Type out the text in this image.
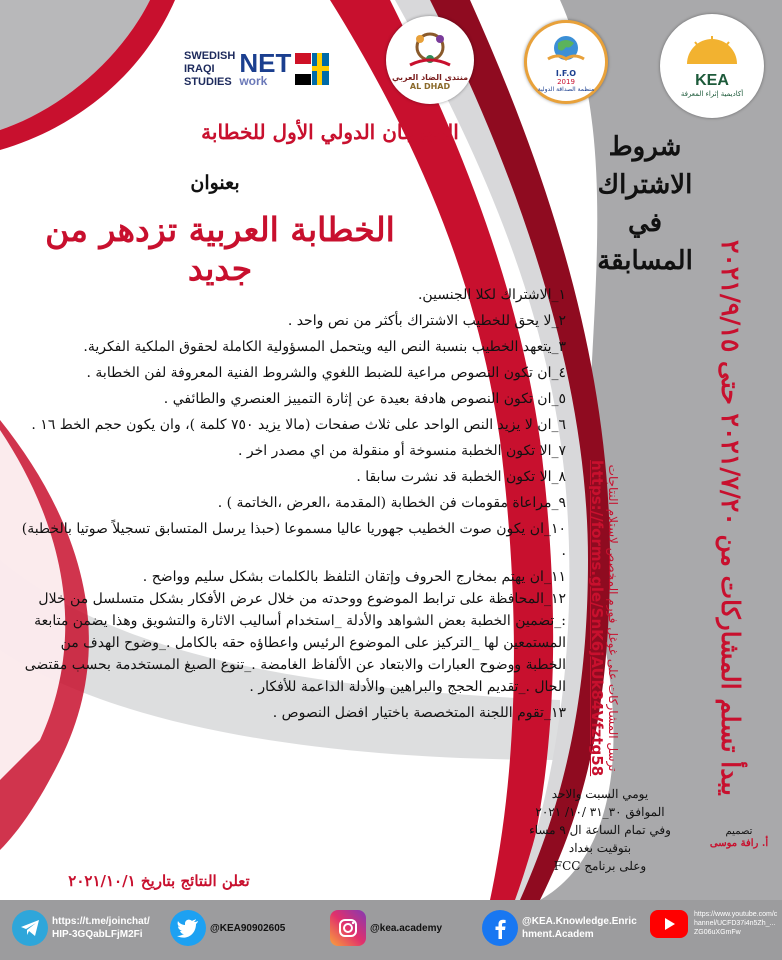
SWEDISH
IRAQI
STUDIES
NET
work	منتدى الضاد العربي
AL DHAD
I.F.O
2019
منظمة الصداقة الدولية
KEA
أكاديمية إثراء المعرفة
المهرجان الدولي الأول للخطابة
بعنوان
الخطابة العربية تزدهر من جديد

١_الاشتراك لكلا الجنسين.

٢_لا يحق للخطيب الاشتراك بأكثر من نص واحد .

٣_يتعهد الخطيب بنسبة النص اليه ويتحمل المسؤولية الكاملة لحقوق الملكية الفكرية.

٤_ان تكون النصوص مراعية للضبط اللغوي والشروط الفنية المعروفة لفن الخطابة .

٥_ان تكون النصوص هادفة بعيدة عن إثارة التمييز العنصري والطائفي .

٦_ان لا يزيد النص الواحد على ثلاث صفحات (مالا يزيد ٧٥٠ كلمة )، وان يكون حجم الخط ١٦ .

٧_الا تكون الخطبة منسوخة أو منقولة من اي مصدر اخر .

٨_الا تكون الخطبة قد نشرت سابقا .

٩_مراعاة مقومات فن الخطابة (المقدمة ،العرض ،الخاتمة ) .

١٠_ان يكون صوت الخطيب جهوريا عاليا مسموعا (حبذا يرسل المتسابق تسجيلاً صوتيا بالخطبة) .

١١_ان يهتم بمخارج الحروف وإتقان التلفظ بالكلمات بشكل سليم وواضح .

١٢_المحافظة على ترابط الموضوع ووحدته من خلال عرض الأفكار بشكل متسلسل من خلال :_تضمين الخطبة بعض الشواهد والأدلة _استخدام أساليب الاثارة والتشويق وهذا يضمن متابعة المستمعين لها _التركيز على الموضوع الرئيس واعطاؤه حقه بالكامل ._وضوح الهدف من الخطبة ووضوح العبارات والابتعاد عن الألفاظ الغامضة ._تنوع الصيغ المستخدمة بحسب مقتضى الحال ._تقديم الحجج والبراهين والأدلة الداعمة للأفكار .

١٣_تقوم اللجنة المتخصصة باختيار افضل النصوص .

تعلن النتائج بتاريخ ٢٠٢١/١٠/١
شروط
الاشتراك
في
المسابقة يبدأ تسلم المشاركات من ٢٠٢١/٧/٢٠ حتى ٢٠٢١/٩/١٥
ترسل المشاركات على غوغل فورم المخصص لاستلام النتاجات
https://forms.gle/SnK6jAUk84Vfztg58
يومي السبت والاحد
الموافق ٣٠_٣١ /١٠/ ٢٠٢١
وفي تمام الساعة ال ٩ مساء
بتوقيت بغداد
وعلى برنامج FCC
تصميم
أ. رافة موسى
https://t.me/joinchat/HIP-3GQabLFjM2Fi
@KEA90902605	@kea.academy
@KEA.Knowledge.Enrichment.Academ
https://www.youtube.com/channel/UCFD37i4n5Zh_...ZG06uXGmFw
